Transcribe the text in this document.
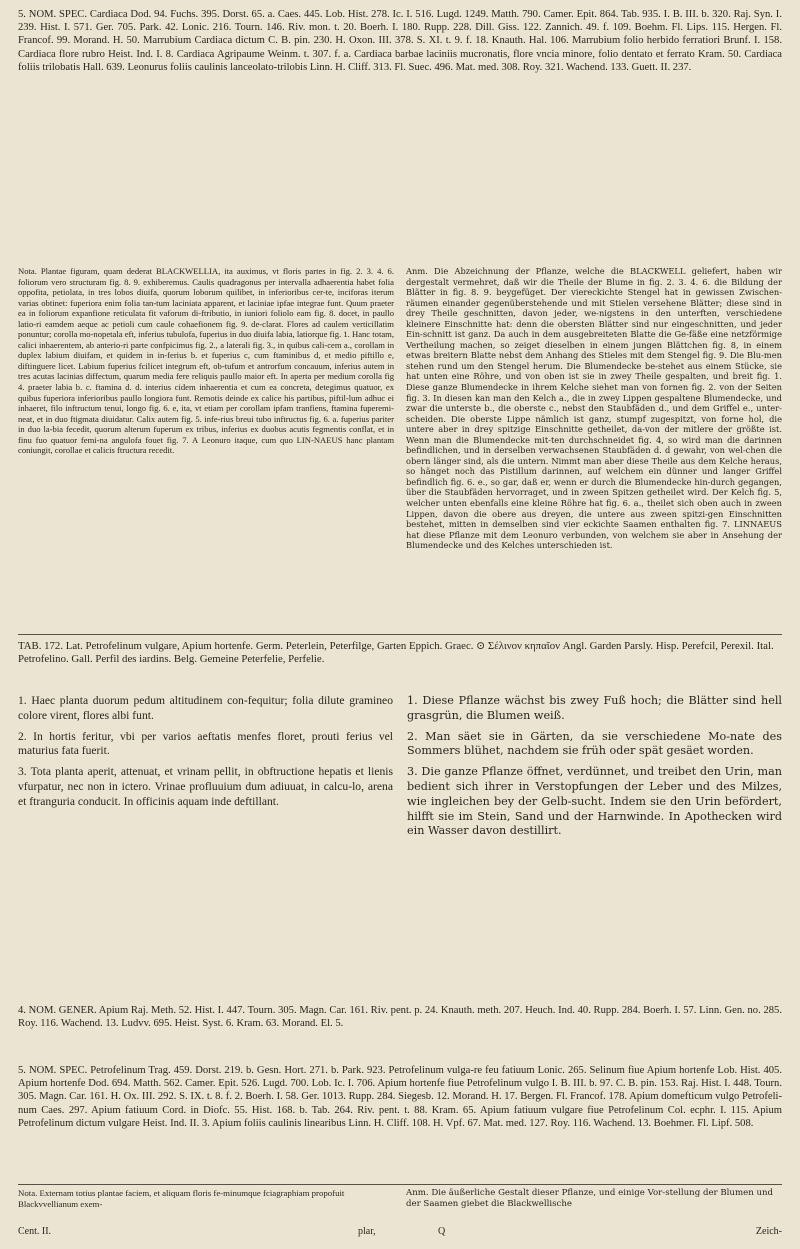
5. NOM. SPEC. Cardiaca Dod. 94. Fuchs. 395. Dorst. 65. a. Caes. 445. Lob. Hist. 278. Ic. I. 516. Lugd. 1249. Matth. 790. Camer. Epit. 864. Tab. 935. I. B. III. b. 320. Raj. Syn. I. 239. Hist. I. 571. Ger. 705. Park. 42. Lonic. 216. Tourn. 146. Riv. mon. t. 20. Boerh. I. 180. Rupp. 228. Dill. Giss. 122. Zannich. 49. f. 109. Boehm. Fl. Lips. 115. Hergen. Fl. Francof. 99. Morand. H. 50. Marrubium Cardiaca dictum C. B. pin. 230. H. Oxon. III. 378. S. XI. t. 9. f. 18. Knauth. Hal. 106. Marrubium folio herbido ferratiori Brunf. I. 158. Cardiaca flore rubro Heist. Ind. I. 8. Cardiaca Agripaume Weinm. t. 307. f. a. Cardiaca barbae laciniis mucronatis, flore vncia minore, folio dentato et ferrato Kram. 50. Cardiaca foliis trilobatis Hall. 639. Leonurus foliis caulinis lanceolato-trilobis Linn. H. Cliff. 313. Fl. Suec. 496. Mat. med. 308. Roy. 321. Wachend. 133. Guett. II. 237.
Nota. Plantae figuram, quam dederat BLACKWELLIA, ita auximus, vt floris partes in fig. 2. 3. 4. 6. foliorum vero structuram fig. 8. 9. exhiberemus. Caulis quadragonus per intervalla adhaerentia habet folia oppofita, petiolata, in tres lobos diuifa, quorum loborum quilibet, in inferioribus cer-te, inciforas iterum varias obtinet: fuperiora enim folia tan-tum laciniata apparent, et laciniae ipfae integrae funt. Quum praeter ea in foliorum expanfione reticulata fit vaforum di-ftributio, in iuniori foliolo eam fig. 8. docet, in paullo latio-ri eamdem aeque ac petioli cum caule cohaefionem fig. 9. de-clarat. Flores ad caulem verticillatim ponuntur; corolla mo-nopetala eft, inferius tubulofa, fuperius in duo diuifa labia, latiorque fig. 1. Hanc totam, calici inhaerentem, ab anterio-ri parte confpicimus fig. 2., a laterali fig. 3., in quibus cali-cem a., corollam in duplex labium diuifam, et quidem in in-ferius b. et fuperius c, cum ftaminibus d, et medio piftillo e, diftinguere licet. Labium fuperius fcilicet integrum eft, ob-tufum et antrorfum concauum, inferius autem in tres acutas lacinias diffectum, quarum media fere reliquis paullo maior eft. In aperta per medium corolla fig 4. praeter labia b. c. ftamina d. d. interius cidem inhaerentia et cum ea concreta, detegimus quatuor, ex quibus fuperiora inferioribus paullo longiora funt. Remotis deinde ex calice his partibus, piftil-lum adhuc ei inhaeret, filo inftructum tenui, longo fig. 6. e, ita, vt etiam per corollam ipfam tranfiens, ftamina fuperemi-neat, et in duo ftigmata diuidatur. Calix autem fig. 5. infe-rius breui tubo inftructus fig. 6. a. fuperius pariter in duo la-bia fecedit, quorum alterum fuperum ex tribus, inferius ex duobus acutis fegmentis conflat, et in finu fuo quatuor femi-na angulofa fouet fig. 7. A Leonuro itaque, cum quo LIN-NAEUS hanc plantam coniungit, corollae et calicis ftructura recedit.
Anm. Die Abzeichnung der Pflanze, welche die BLACKWELL geliefert, haben wir dergestalt vermehret, daß wir die Theile der Blume in fig. 2. 3. 4. 6. die Bildung der Blätter in fig. 8. 9. beygefüget. Der viereckichte Stengel hat in gewissen Zwischen-räumen einander gegenüberstehende und mit Stielen versehene Blätter; diese sind in drey Theile geschnitten, davon jeder, we-nigstens in den unterften, verschiedene kleinere Einschnitte hat: denn die obersten Blätter sind nur eingeschnitten, und jeder Ein-schnitt ist ganz. Da auch in dem ausgebreiteten Blatte die Ge-fäße eine netzförmige Vertheilung machen, so zeiget dieselben in einem jungen Blättchen fig. 8, in einem etwas breitern Blatte nebst dem Anhang des Stieles mit dem Stengel fig. 9. Die Blu-men stehen rund um den Stengel herum. Die Blumendecke be-stehet aus einem Stücke, sie hat unten eine Röhre, und von oben ist sie in zwey Theile gespalten, und breit fig. 1. Diese ganze Blumendecke in ihrem Kelche siehet man von fornen fig. 2. von der Seiten fig. 3. In diesen kan man den Kelch a., die in zwey Lippen gespaltene Blumendecke, und zwar die unterste b., die oberste c., nebst den Staubfäden d., und dem Griffel e., unter-scheiden. Die oberste Lippe nämlich ist ganz, stumpf zugespitzt, von forne hol, die untere aber in drey spitzige Einschnitte getheilet, da-von der mitlere der größte ist. Wenn man die Blumendecke mit-ten durchschneidet fig. 4, so wird man die darinnen befindlichen, und in derselben verwachsenen Staubfäden d. d gewahr, von wel-chen die obern länger sind, als die untern. Nimmt man aber diese Theile aus dem Kelche heraus, so hänget noch das Pistillum darinnen, auf welchem ein dünner und langer Griffel befindlich fig. 6. e., so gar, daß er, wenn er durch die Blumendecke hin-durch gegangen, über die Staubfäden hervorraget, und in zween Spitzen getheilet wird. Der Kelch fig. 5, welcher unten ebenfalls eine kleine Röhre hat fig. 6. a., theilet sich oben auch in zween Lippen, davon die obere aus dreyen, die untere aus zween spitzi-gen Einschnitten bestehet, mitten in demselben sind vier eckichte Saamen enthalten fig. 7. LINNAEUS hat diese Pflanze mit dem Leonuro verbunden, von welchem sie aber in Ansehung der Blumendecke und des Kelches unterschieden ist.
TAB. 172. Lat. Petrofelinum vulgare, Apium hortenfe. Germ. Peterlein, Peterfilge, Garten Eppich. Graec. ⊙ Σέλινον κηπαῖον Angl. Garden Parsly. Hisp. Perefcil, Perexil. Ital. Petrofelino. Gall. Perfil des iardins. Belg. Gemeine Peterfelie, Perfelie.

1. Haec planta duorum pedum altitudinem con-fequitur; folia dilute gramineo colore virent, flores albi funt.

2. In hortis feritur, vbi per varios aeftatis menfes floret, prouti ferius vel maturius fata fuerit.

3. Tota planta aperit, attenuat, et vrinam pellit, in obftructione hepatis et lienis vfurpatur, nec non in ictero. Vrinae profluuium dum adiuuat, in calcu-lo, arena et ftranguria conducit. In officinis aquam inde deftillant.

1. Diese Pflanze wächst bis zwey Fuß hoch; die Blätter sind hell grasgrün, die Blumen weiß.

2. Man säet sie in Gärten, da sie verschiedene Mo-nate des Sommers blühet, nachdem sie früh oder spät gesäet worden.

3. Die ganze Pflanze öffnet, verdünnet, und treibet den Urin, man bedient sich ihrer in Verstopfungen der Leber und des Milzes, wie ingleichen bey der Gelb-sucht. Indem sie den Urin befördert, hilfft sie im Stein, Sand und der Harnwinde. In Apothecken wird ein Wasser davon destillirt.

4. NOM. GENER. Apium Raj. Meth. 52. Hist. I. 447. Tourn. 305. Magn. Car. 161. Riv. pent. p. 24. Knauth. meth. 207. Heuch. Ind. 40. Rupp. 284. Boerh. I. 57. Linn. Gen. no. 285. Roy. 116. Wachend. 13. Ludvv. 695. Heist. Syst. 6. Kram. 63. Morand. El. 5.
5. NOM. SPEC. Petrofelinum Trag. 459. Dorst. 219. b. Gesn. Hort. 271. b. Park. 923. Petrofelinum vulga-re feu fatiuum Lonic. 265. Selinum fiue Apium hortenfe Lob. Hist. 405. Apium hortenfe Dod. 694. Matth. 562. Camer. Epit. 526. Lugd. 700. Lob. Ic. I. 706. Apium hortenfe fiue Petrofelinum vulgo I. B. III. b. 97. C. B. pin. 153. Raj. Hist. I. 448. Tourn. 305. Magn. Car. 161. H. Ox. III. 292. S. IX. t. 8. f. 2. Boerh. I. 58. Ger. 1013. Rupp. 284. Siegesb. 12. Morand. H. 17. Bergen. Fl. Francof. 178. Apium domefticum vulgo Petrofeli-num Caes. 297. Apium fatiuum Cord. in Diofc. 55. Hist. 168. b. Tab. 264. Riv. pent. t. 88. Kram. 65. Apium fatiuum vulgare fiue Petrofelinum Col. ecphr. I. 115. Apium Petrofelinum dictum vulgare Heist. Ind. II. 3. Apium foliis caulinis linearibus Linn. H. Cliff. 108. H. Vpf. 67. Mat. med. 127. Roy. 116. Wachend. 13. Boehmer. Fl. Lipf. 508.
Nota. Externam totius plantae faciem, et aliquam floris fe-minumque fciagraphiam propofuit Blackvvellianum exem-
Anm. Die äußerliche Gestalt dieser Pflanze, und einige Vor-stellung der Blumen und der Saamen giebet die Blackwellische
Cent. II.	plar,	Q	Zeich-
